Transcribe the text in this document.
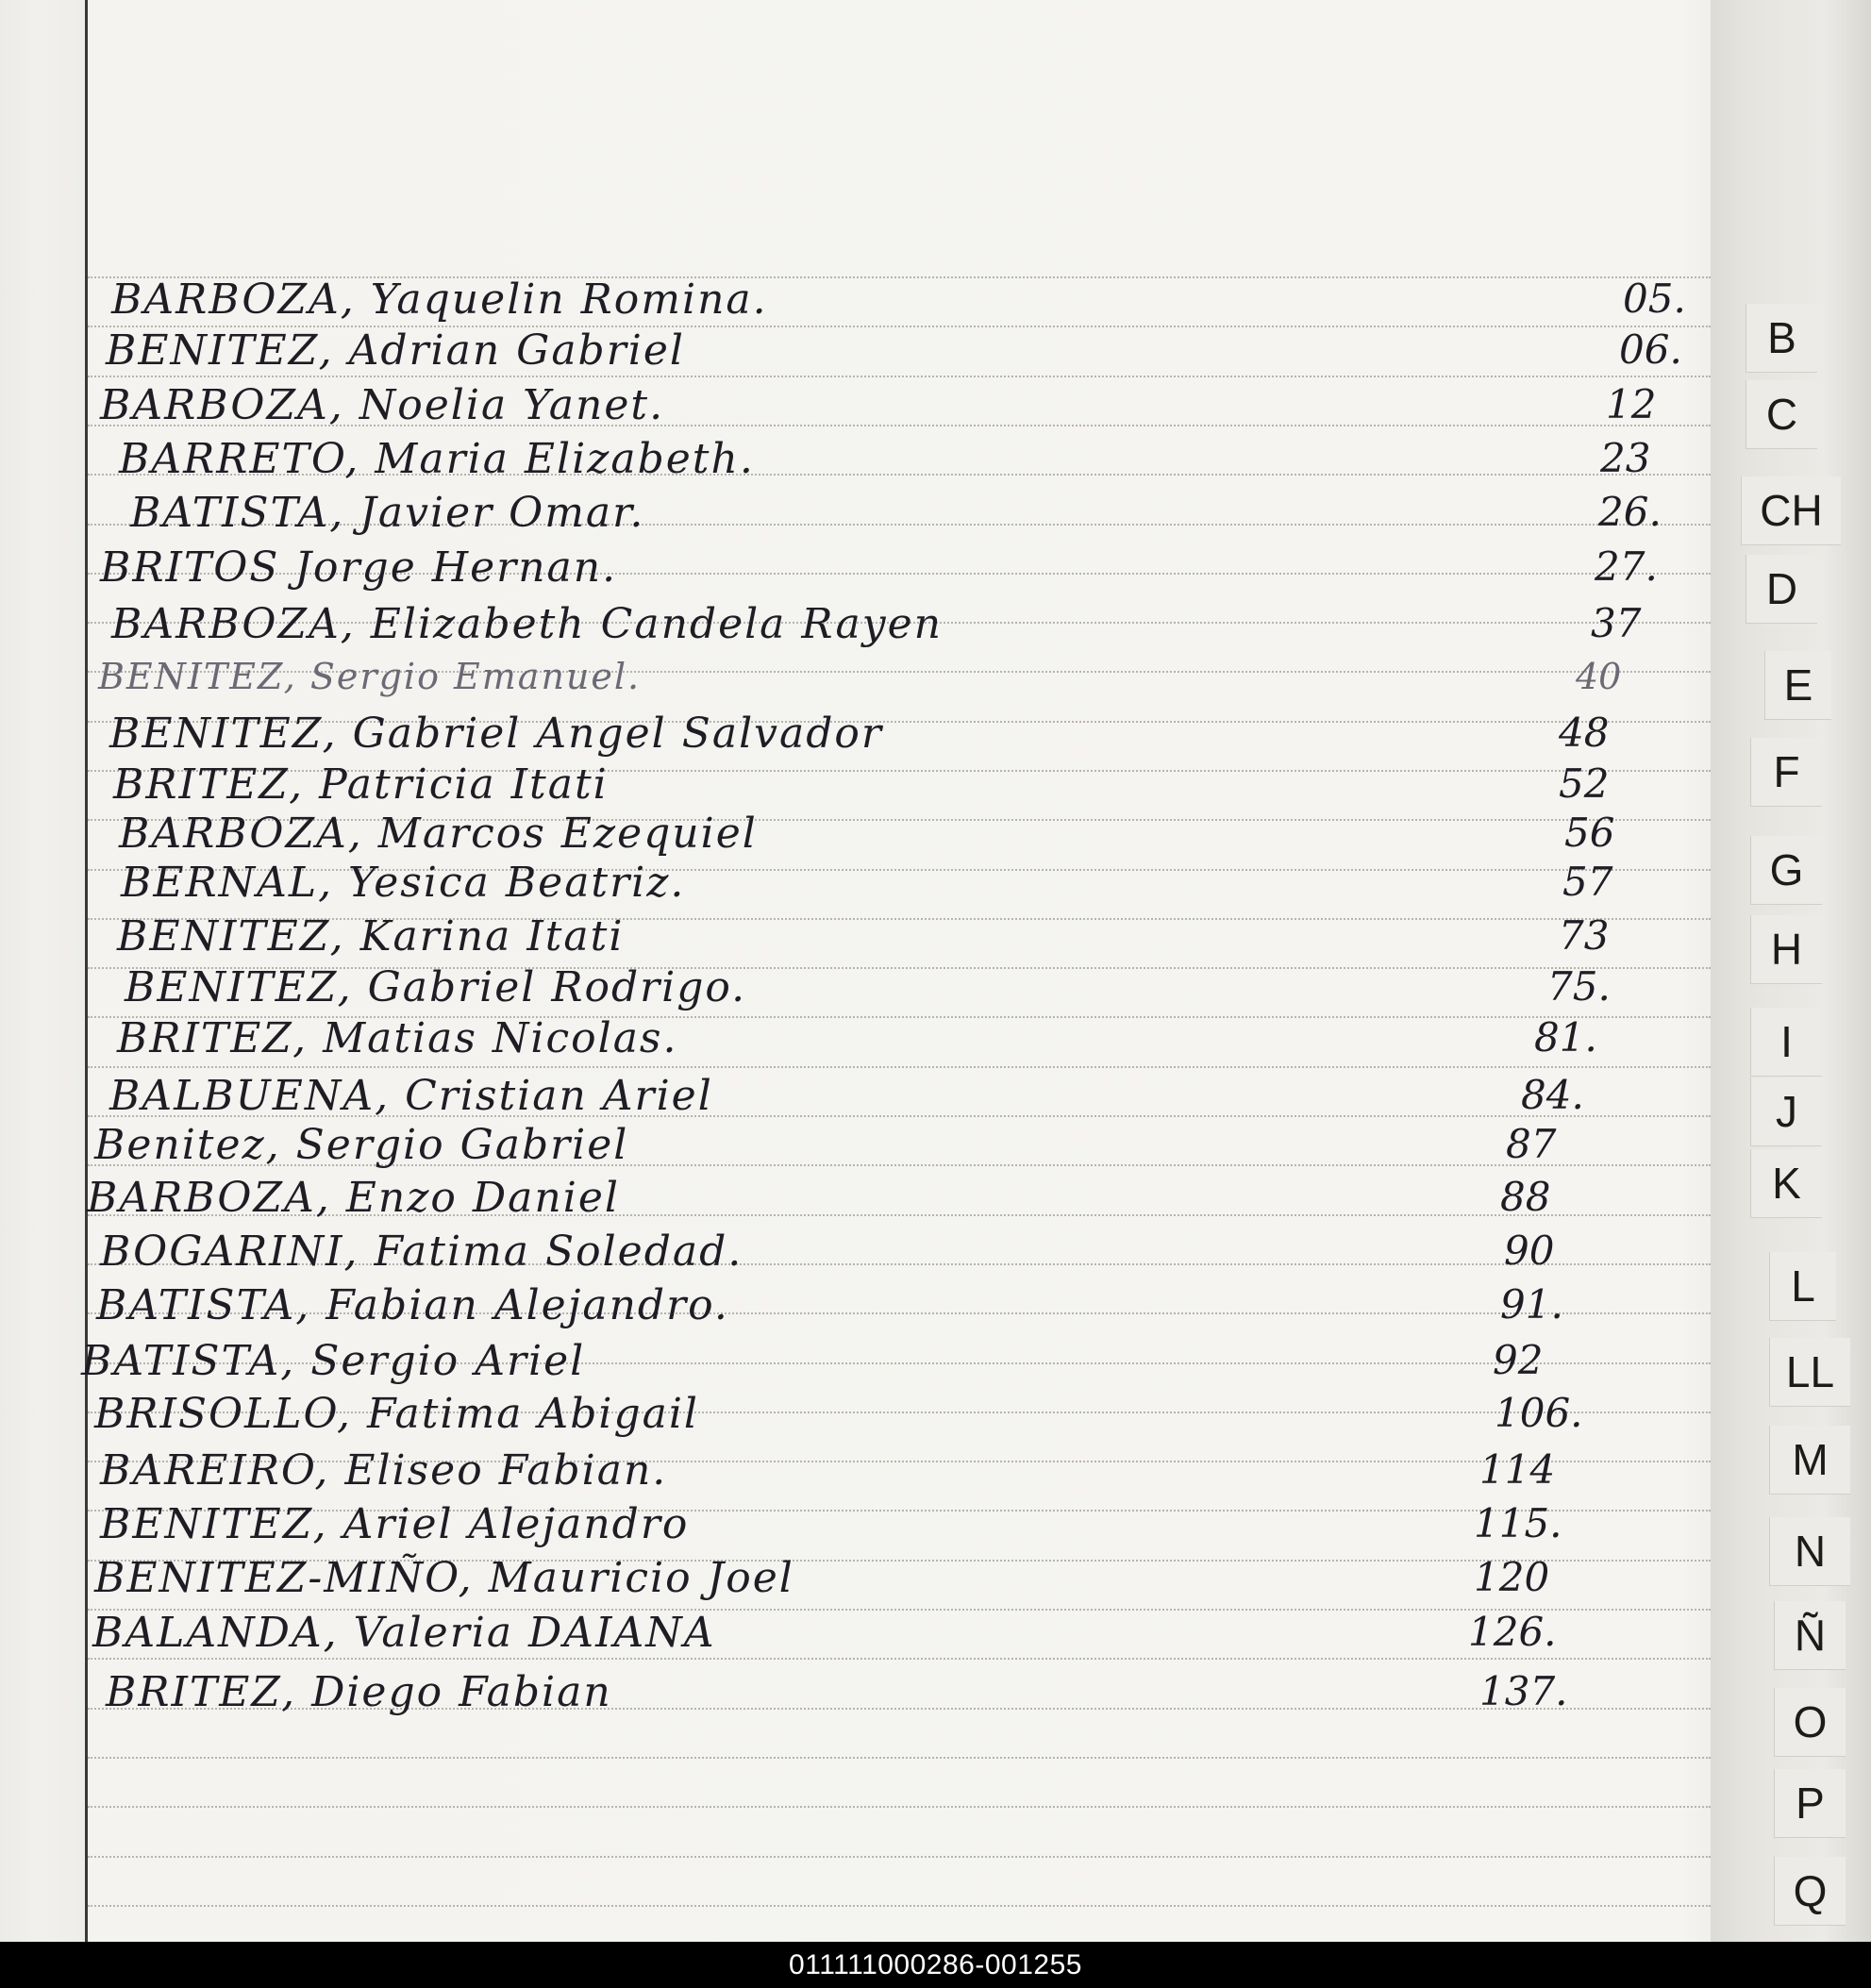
BARBOZA, Yaquelin Romina.	05.
BENITEZ, Adrian Gabriel	06.
BARBOZA, Noelia Yanet.	12
BARRETO, Maria Elizabeth.	23
BATISTA, Javier Omar.	26.
BRITOS Jorge Hernan.	27.
BARBOZA, Elizabeth Candela Rayen	37
BENITEZ, Sergio Emanuel.	40
BENITEZ, Gabriel Angel Salvador	48
BRITEZ, Patricia Itati	52
BARBOZA, Marcos Ezequiel	56
BERNAL, Yesica Beatriz.	57
BENITEZ, Karina Itati	73
BENITEZ, Gabriel Rodrigo.	75.
BRITEZ, Matias Nicolas.	81.
BALBUENA, Cristian Ariel	84.
Benitez, Sergio Gabriel	87
BARBOZA, Enzo Daniel	88
BOGARINI, Fatima Soledad.	90
BATISTA, Fabian Alejandro.	91.
BATISTA, Sergio Ariel	92
BRISOLLO, Fatima Abigail	106.
BAREIRO, Eliseo Fabian.	114
BENITEZ, Ariel Alejandro	115.
BENITEZ-MIÑO, Mauricio Joel	120
BALANDA, Valeria DAIANA	126.
BRITEZ, Diego Fabian	137.
B
C
CH
D
E
F
G
H
I
J
K
L
LL
M
N
Ñ
O
P
Q
011111000286-001255
